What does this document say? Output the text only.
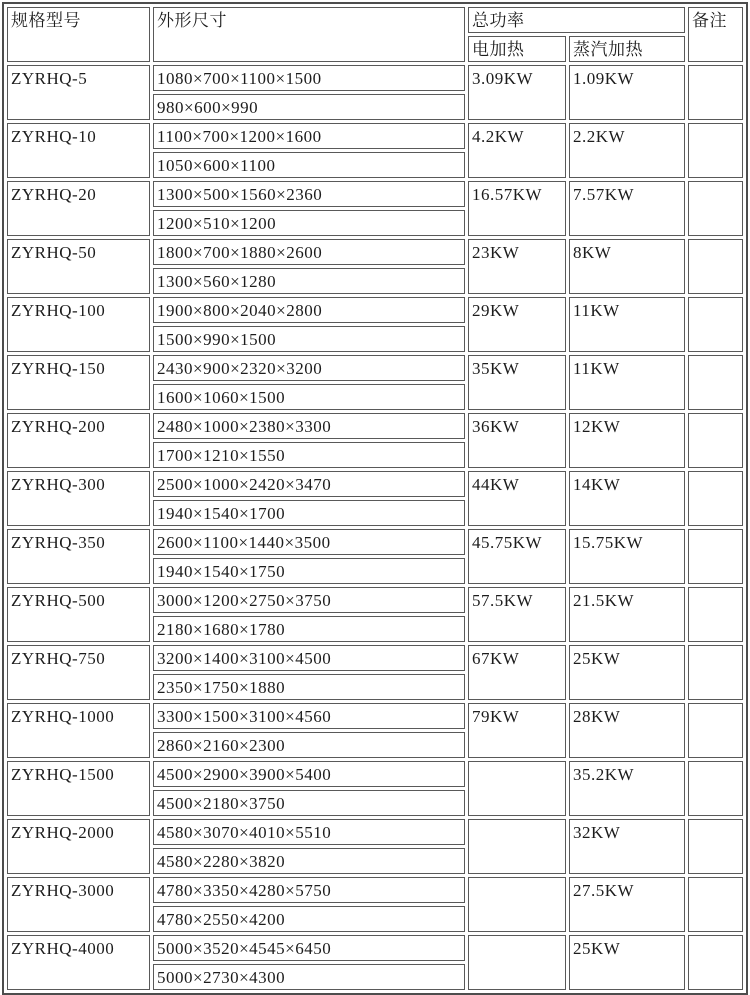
规格型号	外形尺寸	总功率		备注
		电加热	蒸汽加热	
ZYRHQ-5	1080×700×1100×1500	3.09KW	1.09KW	
	980×600×990			
ZYRHQ-10	1100×700×1200×1600	4.2KW	2.2KW	
	1050×600×1100			
ZYRHQ-20	1300×500×1560×2360	16.57KW	7.57KW	
	1200×510×1200			
ZYRHQ-50	1800×700×1880×2600	23KW	8KW	
	1300×560×1280			
ZYRHQ-100	1900×800×2040×2800	29KW	11KW	
	1500×990×1500			
ZYRHQ-150	2430×900×2320×3200	35KW	11KW	
	1600×1060×1500			
ZYRHQ-200	2480×1000×2380×3300	36KW	12KW	
	1700×1210×1550			
ZYRHQ-300	2500×1000×2420×3470	44KW	14KW	
	1940×1540×1700			
ZYRHQ-350	2600×1100×1440×3500	45.75KW	15.75KW	
	1940×1540×1750			
ZYRHQ-500	3000×1200×2750×3750	57.5KW	21.5KW	
	2180×1680×1780			
ZYRHQ-750	3200×1400×3100×4500	67KW	25KW	
	2350×1750×1880			
ZYRHQ-1000	3300×1500×3100×4560	79KW	28KW	
	2860×2160×2300			
ZYRHQ-1500	4500×2900×3900×5400		35.2KW	
	4500×2180×3750			
ZYRHQ-2000	4580×3070×4010×5510		32KW	
	4580×2280×3820			
ZYRHQ-3000	4780×3350×4280×5750		27.5KW	
	4780×2550×4200			
ZYRHQ-4000	5000×3520×4545×6450		25KW	
	5000×2730×4300			
